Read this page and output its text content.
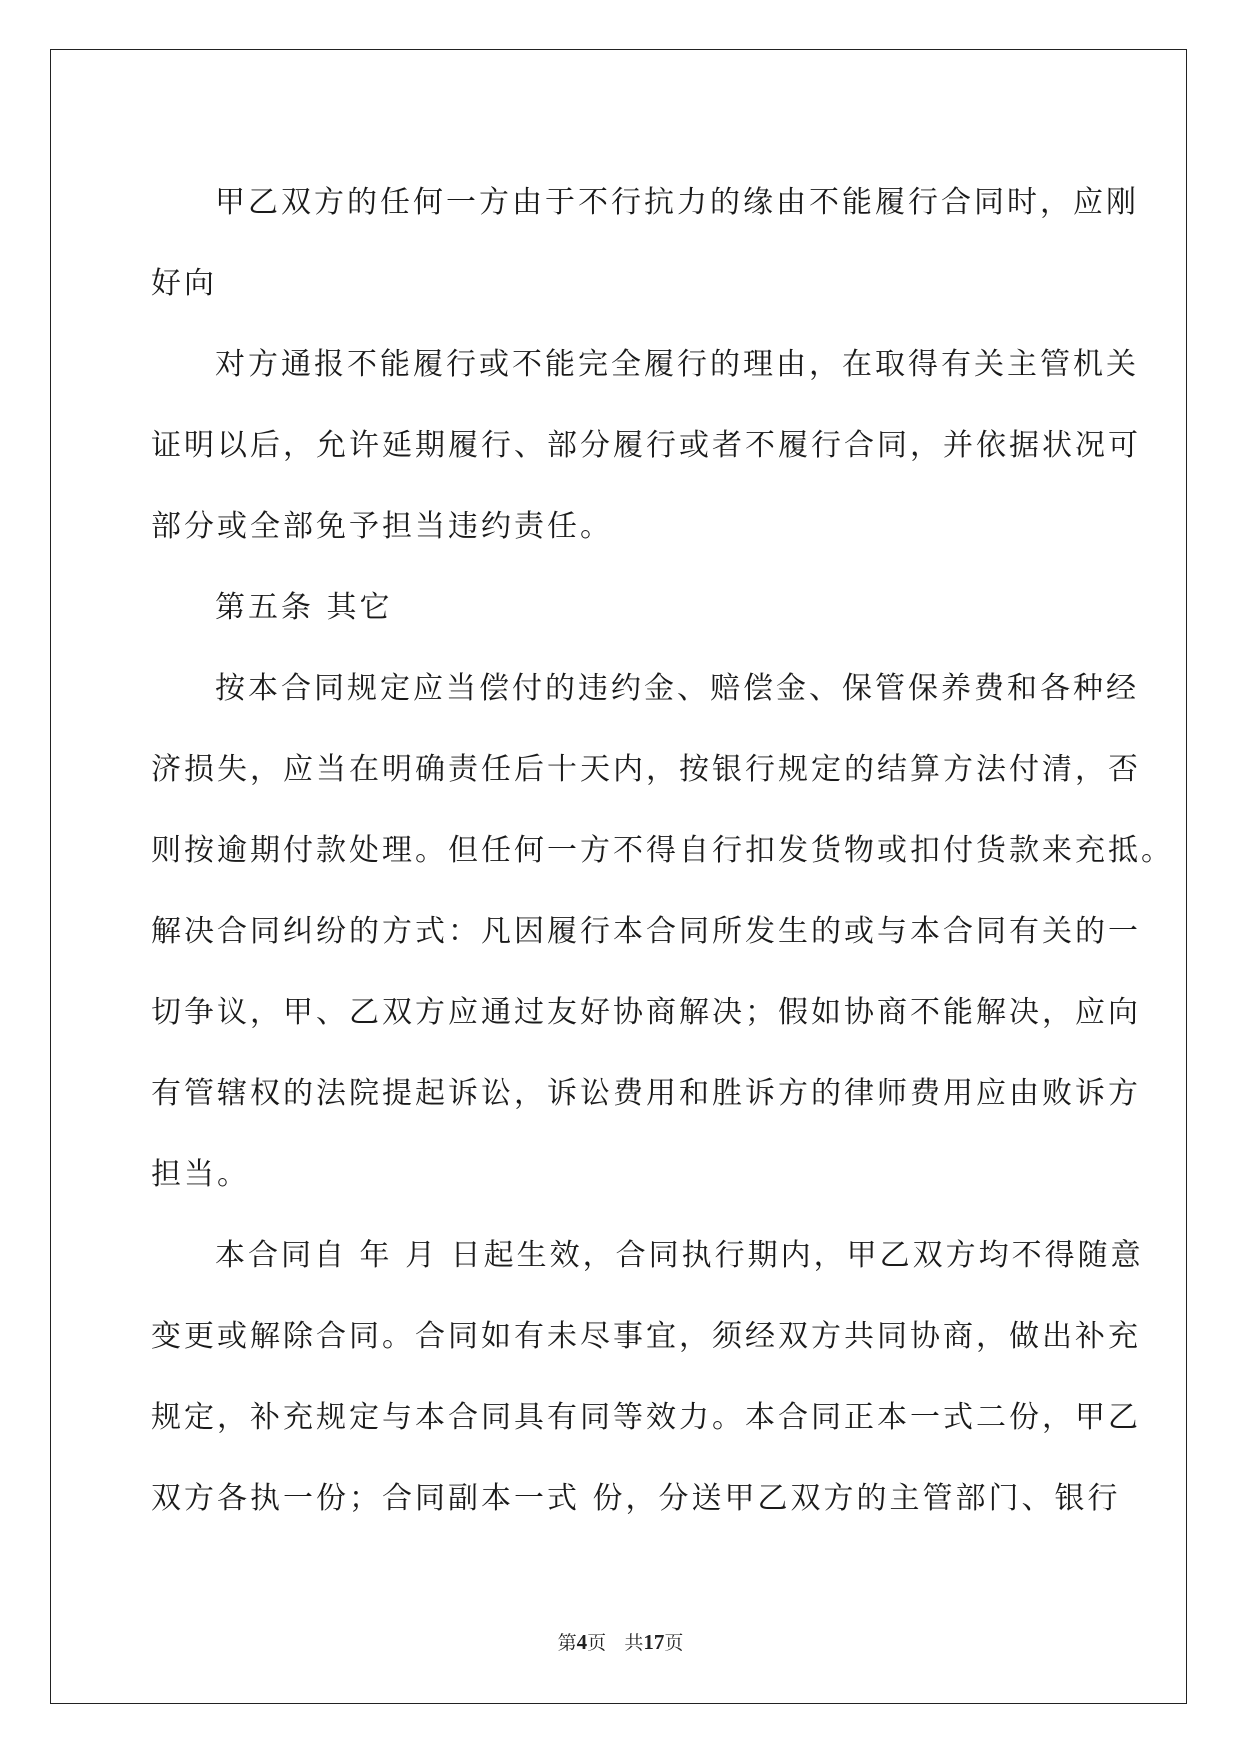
甲乙双方的任何一方由于不行抗力的缘由不能履行合同时，应刚

好向

对方通报不能履行或不能完全履行的理由，在取得有关主管机关

证明以后，允许延期履行、部分履行或者不履行合同，并依据状况可

部分或全部免予担当违约责任。

第五条 其它

按本合同规定应当偿付的违约金、赔偿金、保管保养费和各种经

济损失，应当在明确责任后十天内，按银行规定的结算方法付清，否

则按逾期付款处理。但任何一方不得自行扣发货物或扣付货款来充抵。

解决合同纠纷的方式：凡因履行本合同所发生的或与本合同有关的一

切争议，甲、乙双方应通过友好协商解决；假如协商不能解决，应向

有管辖权的法院提起诉讼，诉讼费用和胜诉方的律师费用应由败诉方

担当。

本合同自 年 月 日起生效，合同执行期内，甲乙双方均不得随意

变更或解除合同。合同如有未尽事宜，须经双方共同协商，做出补充

规定，补充规定与本合同具有同等效力。本合同正本一式二份，甲乙

双方各执一份；合同副本一式 份，分送甲乙双方的主管部门、银行

第4页 共17页
